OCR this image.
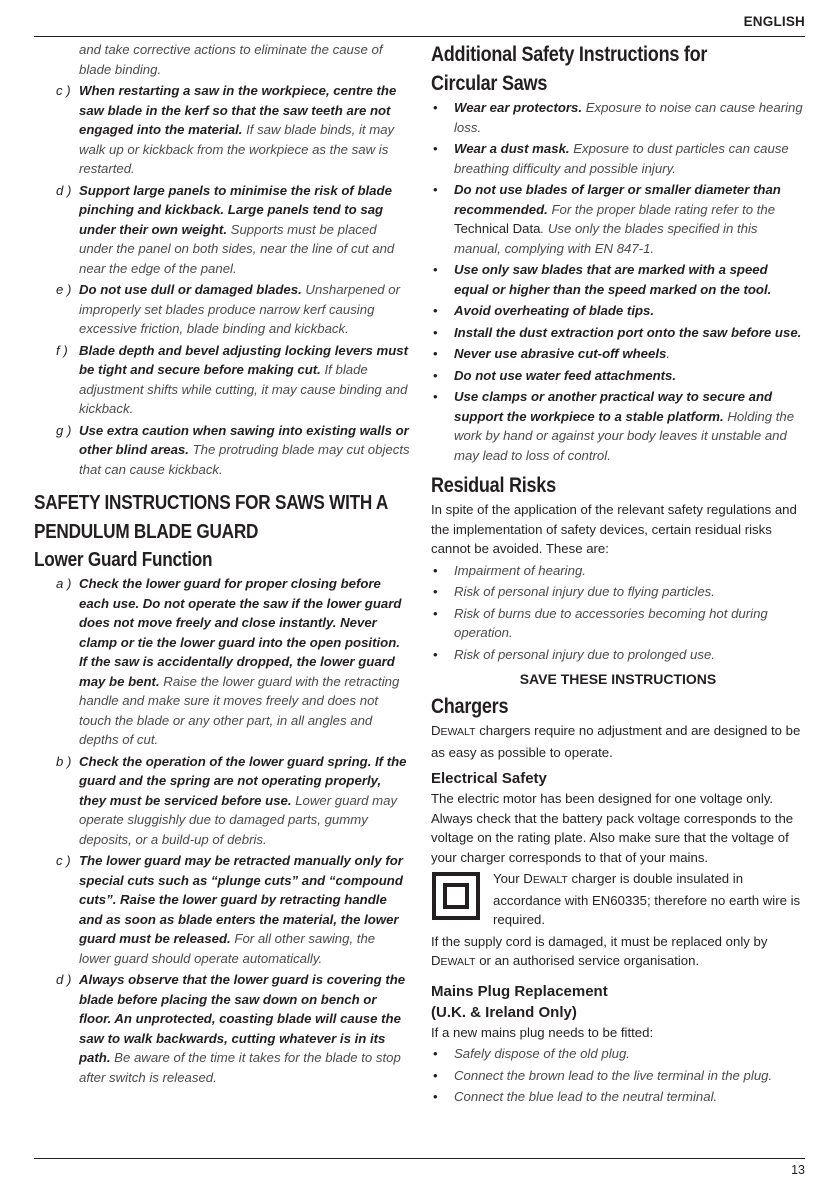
ENGLISH
and take corrective actions to eliminate the cause of blade binding.
c ) When restarting a saw in the workpiece, centre the saw blade in the kerf so that the saw teeth are not engaged into the material. If saw blade binds, it may walk up or kickback from the workpiece as the saw is restarted.
d ) Support large panels to minimise the risk of blade pinching and kickback. Large panels tend to sag under their own weight. Supports must be placed under the panel on both sides, near the line of cut and near the edge of the panel.
e ) Do not use dull or damaged blades. Unsharpened or improperly set blades produce narrow kerf causing excessive friction, blade binding and kickback.
f ) Blade depth and bevel adjusting locking levers must be tight and secure before making cut. If blade adjustment shifts while cutting, it may cause binding and kickback.
g ) Use extra caution when sawing into existing walls or other blind areas. The protruding blade may cut objects that can cause kickback.
SAFETY INSTRUCTIONS FOR SAWS WITH A
PENDULUM BLADE GUARD
Lower Guard Function
a ) Check the lower guard for proper closing before each use. Do not operate the saw if the lower guard does not move freely and close instantly. Never clamp or tie the lower guard into the open position. If the saw is accidentally dropped, the lower guard may be bent. Raise the lower guard with the retracting handle and make sure it moves freely and does not touch the blade or any other part, in all angles and depths of cut.
b ) Check the operation of the lower guard spring. If the guard and the spring are not operating properly, they must be serviced before use. Lower guard may operate sluggishly due to damaged parts, gummy deposits, or a build-up of debris.
c ) The lower guard may be retracted manually only for special cuts such as “plunge cuts” and “compound cuts”. Raise the lower guard by retracting handle and as soon as blade enters the material, the lower guard must be released. For all other sawing, the lower guard should operate automatically.
d ) Always observe that the lower guard is covering the blade before placing the saw down on bench or floor. An unprotected, coasting blade will cause the saw to walk backwards, cutting whatever is in its path. Be aware of the time it takes for the blade to stop after switch is released.
Additional Safety Instructions for
Circular Saws
•	Wear ear protectors. Exposure to noise can cause hearing loss.
•	Wear a dust mask. Exposure to dust particles can cause breathing difficulty and possible injury.
•	Do not use blades of larger or smaller diameter than recommended. For the proper blade rating refer to the Technical Data. Use only the blades specified in this manual, complying with EN 847-1.
•	Use only saw blades that are marked with a speed equal or higher than the speed marked on the tool.
•	Avoid overheating of blade tips.
•	Install the dust extraction port onto the saw before use.
•	Never use abrasive cut-off wheels.
•	Do not use water feed attachments.
•	Use clamps or another practical way to secure and support the workpiece to a stable platform. Holding the work by hand or against your body leaves it unstable and may lead to loss of control.
Residual Risks
In spite of the application of the relevant safety regulations and the implementation of safety devices, certain residual risks cannot be avoided. These are:
•	Impairment of hearing.
•	Risk of personal injury due to flying particles.
•	Risk of burns due to accessories becoming hot during operation.
•	Risk of personal injury due to prolonged use.
SAVE THESE INSTRUCTIONS
Chargers
DEWALT chargers require no adjustment and are designed to be as easy as possible to operate.
Electrical Safety
The electric motor has been designed for one voltage only. Always check that the battery pack voltage corresponds to the voltage on the rating plate. Also make sure that the voltage of your charger corresponds to that of your mains.
Your DEWALT charger is double insulated in accordance with EN60335; therefore no earth wire is required.
If the supply cord is damaged, it must be replaced only by DEWALT or an authorised service organisation.
Mains Plug Replacement
(U.K. & Ireland Only)
If a new mains plug needs to be fitted:
•	Safely dispose of the old plug.
•	Connect the brown lead to the live terminal in the plug.
•	Connect the blue lead to the neutral terminal.
13
